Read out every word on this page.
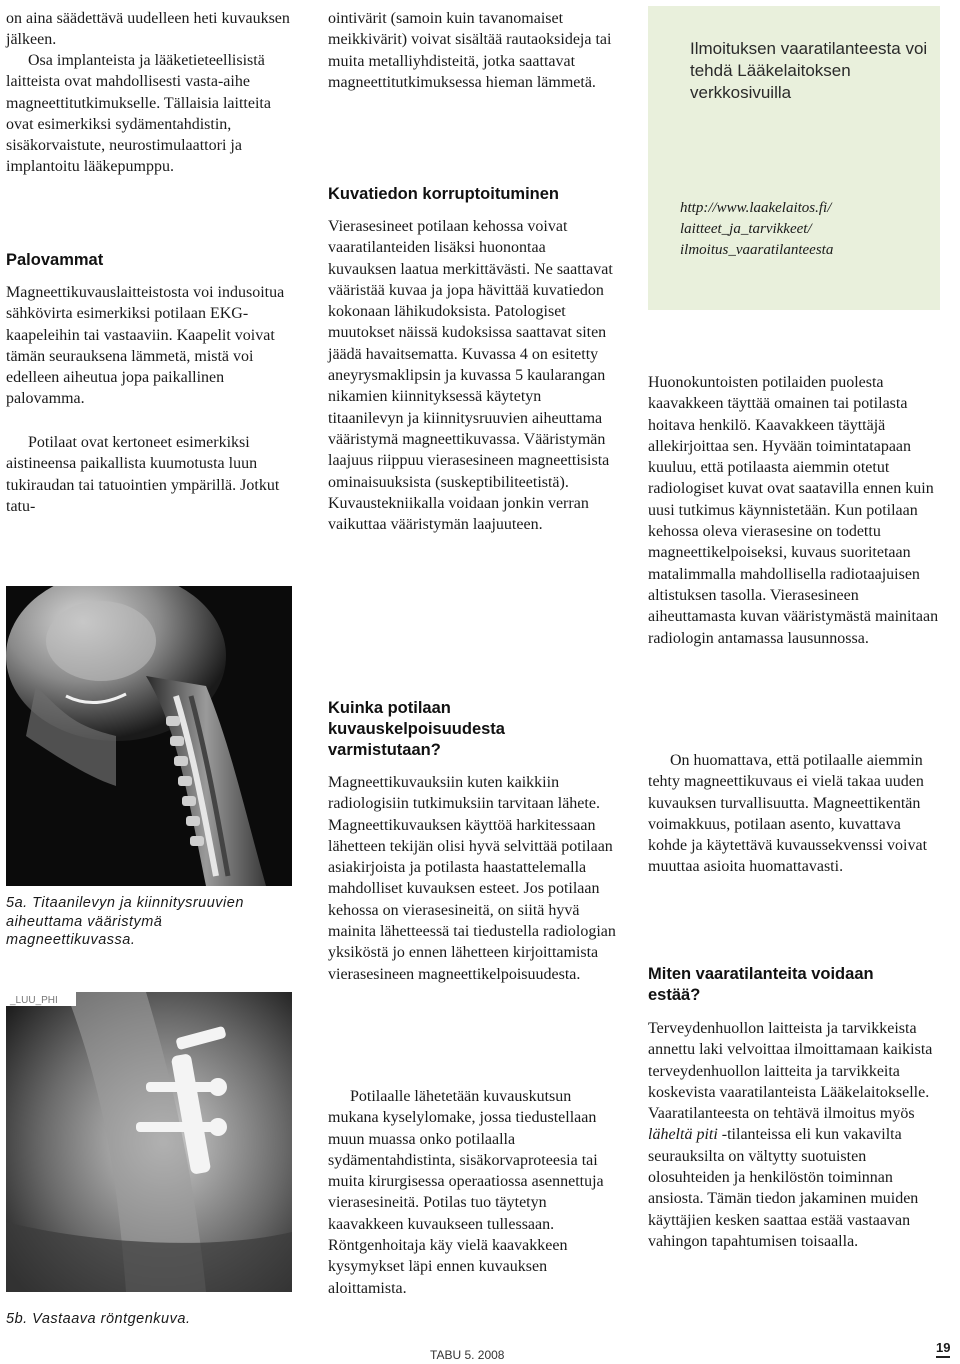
on aina säädettävä uudelleen heti kuvauksen jälkeen.

Osa implanteista ja lääketieteellisistä laitteista ovat mahdollisesti vasta-aihe magneettitutkimukselle. Tällaisia laitteita ovat esimerkiksi sydämentahdistin, sisäkorvaistute, neurostimulaattori ja implantoitu lääkepumppu.

Palovammat

Magneettikuvauslaitteistosta voi indusoitua sähkövirta esimerkiksi potilaan EKG-kaapeleihin tai vastaaviin. Kaapelit voivat tämän seurauksena lämmetä, mistä voi edelleen aiheutua jopa paikallinen palovamma.

Potilaat ovat kertoneet esimerkiksi aistineensa paikallista kuumotusta luun tukiraudan tai tatuointien ympärillä. Jotkut tatu-

5a. Titaanilevyn ja kiinnitysruuvien aiheuttama vääristymä magneettikuvassa.
_LUU_PHI
5b. Vastaava röntgenkuva.

ointivärit (samoin kuin tavanomaiset meikkivärit) voivat sisältää rautaoksideja tai muita metalliyhdisteitä, jotka saattavat magneettitutkimuksessa hieman lämmetä.

Kuvatiedon korruptoituminen

Vierasesineet potilaan kehossa voivat vaaratilanteiden lisäksi huonontaa kuvauksen laatua merkittävästi. Ne saattavat vääristää kuvaa ja jopa hävittää kuvatiedon kokonaan lähikudoksista. Patologiset muutokset näissä kudoksissa saattavat siten jäädä havaitsematta. Kuvassa 4 on esitetty aneyrysmaklipsin ja kuvassa 5 kaularangan nikamien kiinnityksessä käytetyn titaanilevyn ja kiinnitysruuvien aiheuttama vääristymä magneettikuvassa. Vääristymän laajuus riippuu vierasesineen magneettisista ominaisuuksista (suskeptibiliteetistä). Kuvaustekniikalla voidaan jonkin verran vaikuttaa vääristymän laajuuteen.

Kuinka potilaan kuvauskelpoisuudesta varmistutaan?

Magneettikuvauksiin kuten kaikkiin radiologisiin tutkimuksiin tarvitaan lähete. Magneettikuvauksen käyttöä harkitessaan lähetteen tekijän olisi hyvä selvittää potilaan asiakirjoista ja potilasta haastattelemalla mahdolliset kuvauksen esteet. Jos potilaan kehossa on vierasesineitä, on siitä hyvä mainita lähetteessä tai tiedustella radiologian yksiköstä jo ennen lähetteen kirjoittamista vierasesineen magneettikelpoisuudesta.

Potilaalle lähetetään kuvauskutsun mukana kyselylomake, jossa tiedustellaan muun muassa onko potilaalla sydämentahdistinta, sisäkorvaproteesia tai muita kirurgisessa operaatiossa asennettuja vierasesineitä. Potilas tuo täytetyn kaavakkeen kuvaukseen tullessaan. Röntgenhoitaja käy vielä kaavakkeen kysymykset läpi ennen kuvauksen aloittamista.

Ilmoituksen vaaratilanteesta voi tehdä Lääkelaitoksen verkkosivuilla
http://www.laakelaitos.fi/ laitteet_ja_tarvikkeet/ ilmoitus_vaaratilanteesta

Huonokuntoisten potilaiden puolesta kaavakkeen täyttää omainen tai potilasta hoitava henkilö. Kaavakkeen täyttäjä allekirjoittaa sen. Hyvään toimintatapaan kuuluu, että potilaasta aiemmin otetut radiologiset kuvat ovat saatavilla ennen kuin uusi tutkimus käynnistetään. Kun potilaan kehossa oleva vierasesine on todettu magneettikelpoiseksi, kuvaus suoritetaan matalimmalla mahdollisella radiotaajuisen altistuksen tasolla. Vierasesineen aiheuttamasta kuvan vääristymästä mainitaan radiologin antamassa lausunnossa.

On huomattava, että potilaalle aiemmin tehty magneettikuvaus ei vielä takaa uuden kuvauksen turvallisuutta. Magneettikentän voimakkuus, potilaan asento, kuvattava kohde ja käytettävä kuvaussekvenssi voivat muuttaa asioita huomattavasti.

Miten vaaratilanteita voidaan estää?

Terveydenhuollon laitteista ja tarvikkeista annettu laki velvoittaa ilmoittamaan kaikista terveydenhuollon laitteita ja tarvikkeita koskevista vaaratilanteista Lääkelaitokselle. Vaaratilanteesta on tehtävä ilmoitus myös läheltä piti -tilanteissa eli kun vakavilta seurauksilta on vältytty suotuisten olosuhteiden ja henkilöstön toiminnan ansiosta. Tämän tiedon jakaminen muiden käyttäjien kesken saattaa estää vastaavan vahingon tapahtumisen toisaalla.

TABU 5. 2008	19
